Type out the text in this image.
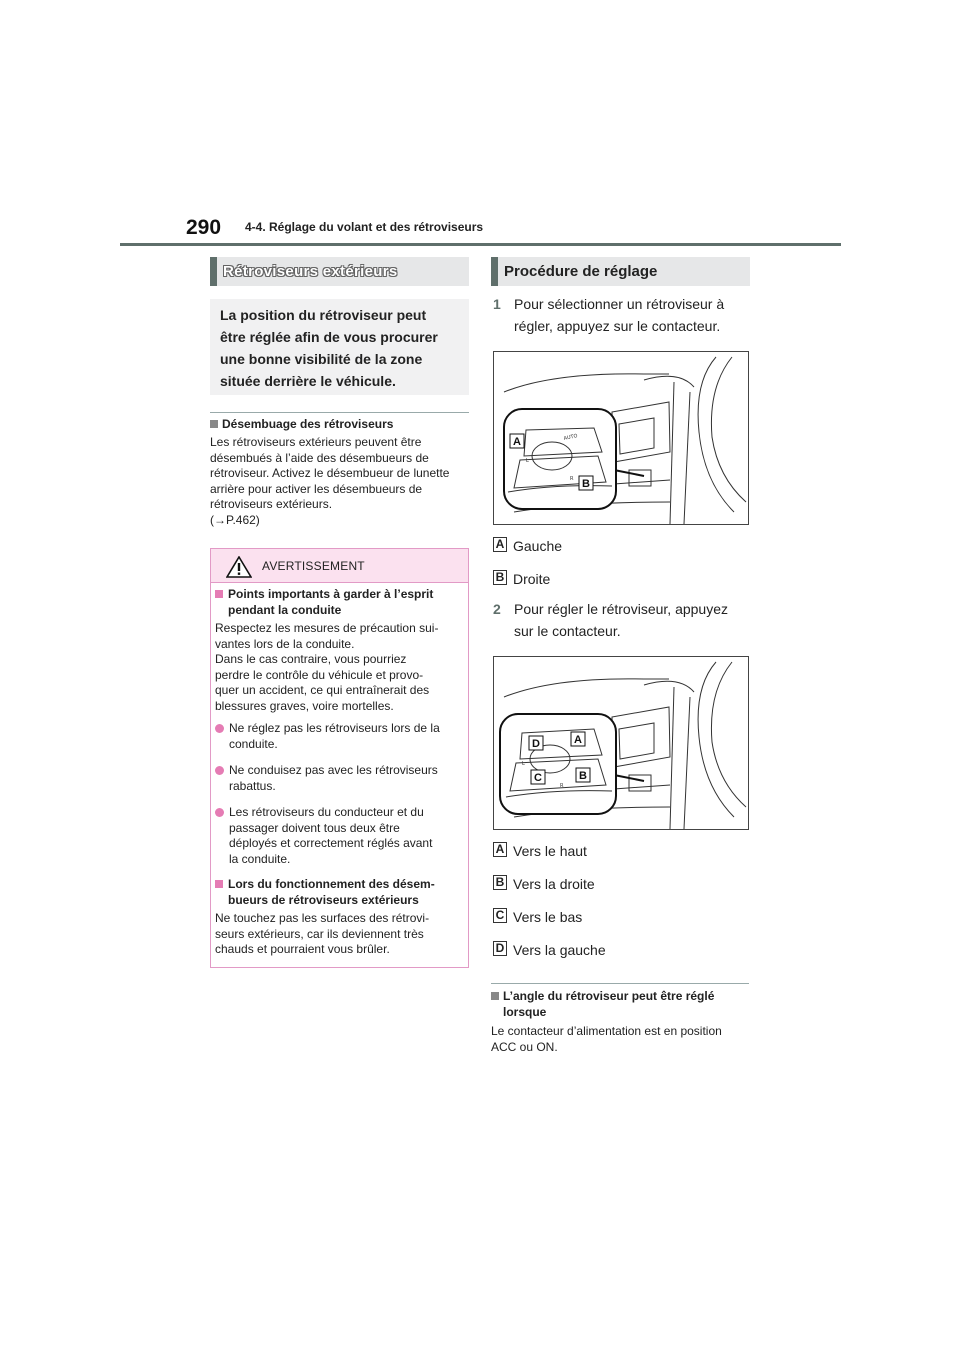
290 4-4. Réglage du volant et des rétroviseurs
Rétroviseurs extérieurs

La position du rétroviseur peut

être réglée afin de vous procurer

une bonne visibilité de la zone

située derrière le véhicule.

Désembuage des rétroviseurs
Les rétroviseurs extérieurs peuvent être
désembués à l’aide des désembueurs de
rétroviseur. Activez le désembueur de lunette
arrière pour activer les désembueurs de
rétroviseurs extérieurs.
(→P.462)
AVERTISSEMENT
Points importants à garder à l’esprit
pendant la conduite
Respectez les mesures de précaution sui-
vantes lors de la conduite.
Dans le cas contraire, vous pourriez
perdre le contrôle du véhicule et provo-
quer un accident, ce qui entraînerait des
blessures graves, voire mortelles.
Ne réglez pas les rétroviseurs lors de la
conduite.
Ne conduisez pas avec les rétroviseurs
rabattus.
Les rétroviseurs du conducteur et du
passager doivent tous deux être
déployés et correctement réglés avant
la conduite.
Lors du fonctionnement des désem-
bueurs de rétroviseurs extérieurs
Ne touchez pas les surfaces des rétrovi-
seurs extérieurs, car ils deviennent très
chauds et pourraient vous brûler.
Procédure de réglage
1 Pour sélectionner un rétroviseur à
régler, appuyez sur le contacteur.
AUTO
L
R
A
B
A Gauche
B Droite
2 Pour régler le rétroviseur, appuyez
sur le contacteur.
L
R
D	A
C	B
A Vers le haut
B Vers la droite
C Vers le bas
D Vers la gauche
L’angle du rétroviseur peut être réglé
lorsque
Le contacteur d’alimentation est en position
ACC ou ON.
